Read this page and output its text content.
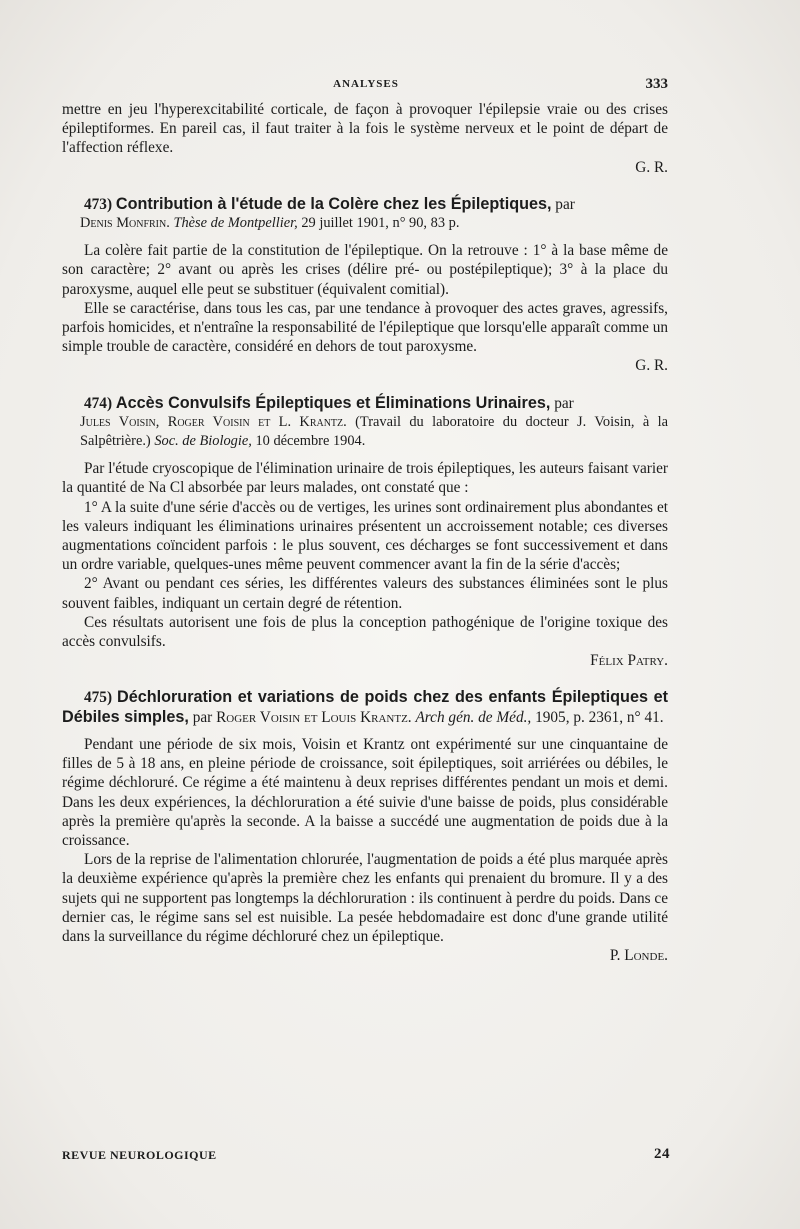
ANALYSES	333

mettre en jeu l'hyperexcitabilité corticale, de façon à provoquer l'épilepsie vraie ou des crises épileptiformes. En pareil cas, il faut traiter à la fois le système nerveux et le point de départ de l'affection réflexe.

G. R.

473) Contribution à l'étude de la Colère chez les Épileptiques, par

Denis Monfrin. Thèse de Montpellier, 29 juillet 1901, n° 90, 83 p.

La colère fait partie de la constitution de l'épileptique. On la retrouve : 1° à la base même de son caractère; 2° avant ou après les crises (délire pré- ou postépileptique); 3° à la place du paroxysme, auquel elle peut se substituer (équivalent comitial).

Elle se caractérise, dans tous les cas, par une tendance à provoquer des actes graves, agressifs, parfois homicides, et n'entraîne la responsabilité de l'épileptique que lorsqu'elle apparaît comme un simple trouble de caractère, considéré en dehors de tout paroxysme.

G. R.

474) Accès Convulsifs Épileptiques et Éliminations Urinaires, par

Jules Voisin, Roger Voisin et L. Krantz. (Travail du laboratoire du docteur J. Voisin, à la Salpêtrière.) Soc. de Biologie, 10 décembre 1904.

Par l'étude cryoscopique de l'élimination urinaire de trois épileptiques, les auteurs faisant varier la quantité de Na Cl absorbée par leurs malades, ont constaté que :

1° A la suite d'une série d'accès ou de vertiges, les urines sont ordinairement plus abondantes et les valeurs indiquant les éliminations urinaires présentent un accroissement notable; ces diverses augmentations coïncident parfois : le plus souvent, ces décharges se font successivement et dans un ordre variable, quelques-unes même peuvent commencer avant la fin de la série d'accès;

2° Avant ou pendant ces séries, les différentes valeurs des substances éliminées sont le plus souvent faibles, indiquant un certain degré de rétention.

Ces résultats autorisent une fois de plus la conception pathogénique de l'origine toxique des accès convulsifs.

Félix Patry.

475) Déchloruration et variations de poids chez des enfants Épileptiques et Débiles simples, par Roger Voisin et Louis Krantz. Arch gén. de Méd., 1905, p. 2361, n° 41.

Pendant une période de six mois, Voisin et Krantz ont expérimenté sur une cinquantaine de filles de 5 à 18 ans, en pleine période de croissance, soit épileptiques, soit arriérées ou débiles, le régime déchloruré. Ce régime a été maintenu à deux reprises différentes pendant un mois et demi. Dans les deux expériences, la déchloruration a été suivie d'une baisse de poids, plus considérable après la première qu'après la seconde. A la baisse a succédé une augmentation de poids due à la croissance.

Lors de la reprise de l'alimentation chlorurée, l'augmentation de poids a été plus marquée après la deuxième expérience qu'après la première chez les enfants qui prenaient du bromure. Il y a des sujets qui ne supportent pas longtemps la déchloruration : ils continuent à perdre du poids. Dans ce dernier cas, le régime sans sel est nuisible. La pesée hebdomadaire est donc d'une grande utilité dans la surveillance du régime déchloruré chez un épileptique.

P. Londe.

REVUE NEUROLOGIQUE	24
